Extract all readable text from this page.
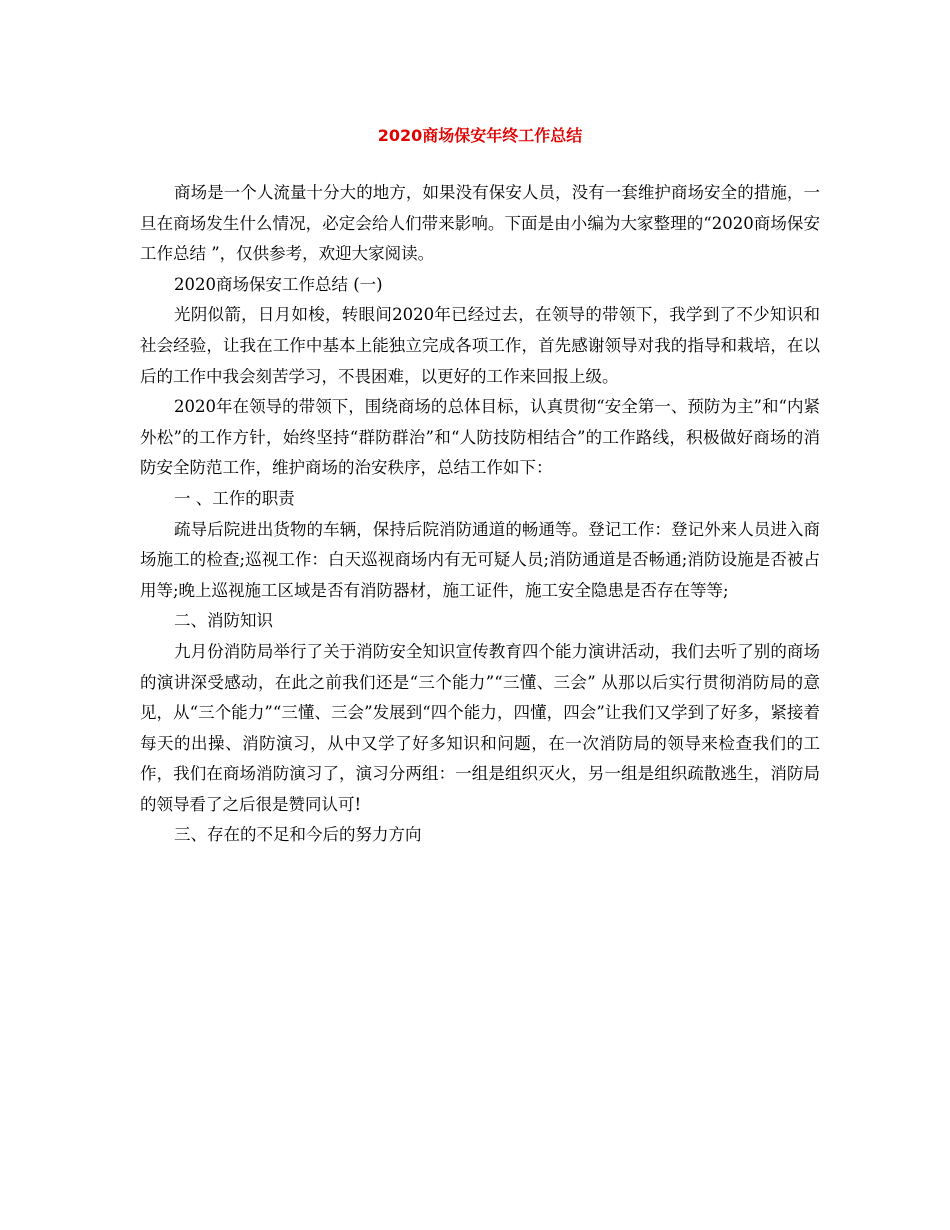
2020商场保安年终工作总结

商场是一个人流量十分大的地方，如果没有保安人员，没有一套维护商场安全的措施，一旦在商场发生什么情况，必定会给人们带来影响。下面是由小编为大家整理的“2020商场保安工作总结 ”，仅供参考，欢迎大家阅读。

2020商场保安工作总结 (一)

光阴似箭，日月如梭，转眼间2020年已经过去，在领导的带领下，我学到了不少知识和社会经验，让我在工作中基本上能独立完成各项工作，首先感谢领导对我的指导和栽培，在以后的工作中我会刻苦学习，不畏困难，以更好的工作来回报上级。

2020年在领导的带领下，围绕商场的总体目标，认真贯彻“安全第一、预防为主”和“内紧外松”的工作方针，始终坚持“群防群治”和“人防技防相结合”的工作路线，积极做好商场的消防安全防范工作，维护商场的治安秩序，总结工作如下：

一 、工作的职责

疏导后院进出货物的车辆，保持后院消防通道的畅通等。登记工作：登记外来人员进入商场施工的检查;巡视工作：白天巡视商场内有无可疑人员;消防通道是否畅通;消防设施是否被占用等;晚上巡视施工区域是否有消防器材，施工证件，施工安全隐患是否存在等等;

二、消防知识

九月份消防局举行了关于消防安全知识宣传教育四个能力演讲活动，我们去听了别的商场的演讲深受感动，在此之前我们还是“三个能力”“三懂、三会” 从那以后实行贯彻消防局的意见，从“三个能力”“三懂、三会”发展到“四个能力，四懂，四会”让我们又学到了好多，紧接着每天的出操、消防演习，从中又学了好多知识和问题，在一次消防局的领导来检查我们的工作，我们在商场消防演习了，演习分两组：一组是组织灭火，另一组是组织疏散逃生，消防局的领导看了之后很是赞同认可!

三、存在的不足和今后的努力方向
